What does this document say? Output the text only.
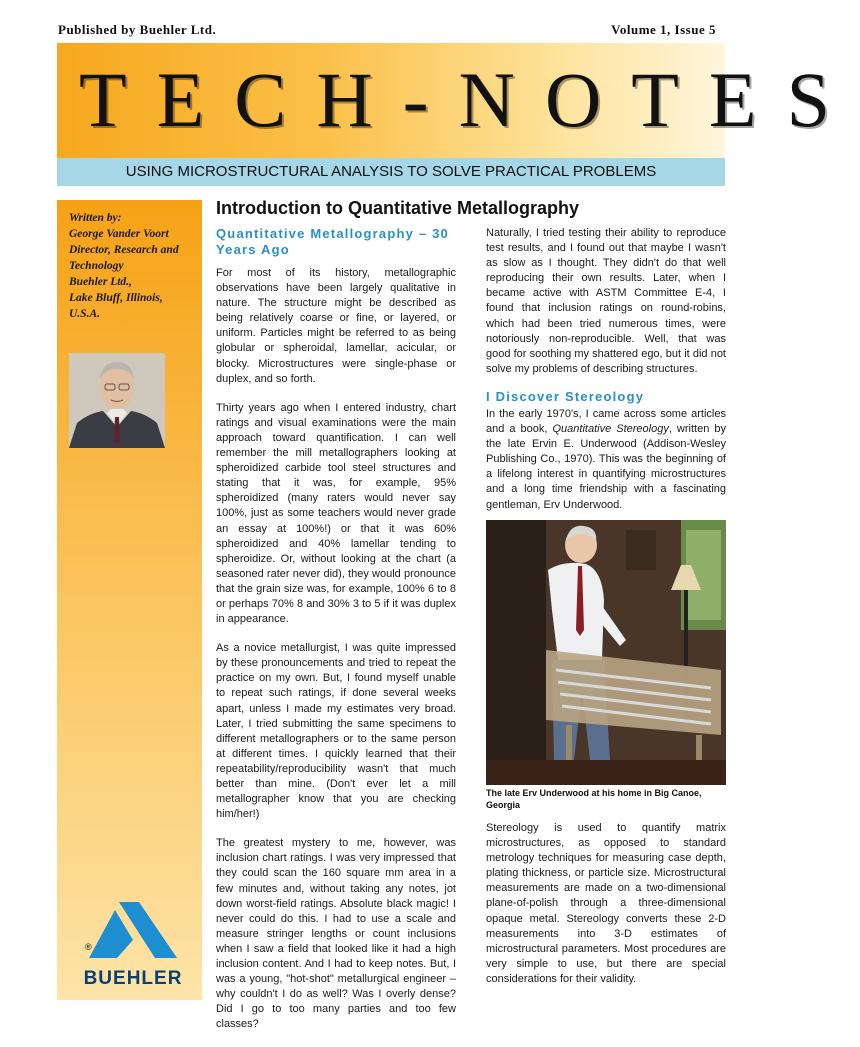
Published by Buehler Ltd.	Volume 1, Issue 5
TECH-NOTES
USING MICROSTRUCTURAL ANALYSIS TO SOLVE PRACTICAL PROBLEMS
Written by:
George Vander Voort
Director, Research and
Technology
Buehler Ltd.,
Lake Bluff, Illinois,
U.S.A.
®
BUEHLER
Introduction to Quantitative Metallography
Quantitative Metallography – 30 Years Ago

For most of its history, metallographic observations have been largely qualitative in nature. The structure might be described as being relatively coarse or fine, or layered, or uniform. Particles might be referred to as being globular or spheroidal, lamellar, acicular, or blocky. Microstructures were single-phase or duplex, and so forth.

Thirty years ago when I entered industry, chart ratings and visual examinations were the main approach toward quantification. I can well remember the mill metallographers looking at spheroidized carbide tool steel structures and stating that it was, for example, 95% spheroidized (many raters would never say 100%, just as some teachers would never grade an essay at 100%!) or that it was 60% spheroidized and 40% lamellar tending to spheroidize. Or, without looking at the chart (a seasoned rater never did), they would pronounce that the grain size was, for example, 100% 6 to 8 or perhaps 70% 8 and 30% 3 to 5 if it was duplex in appearance.

As a novice metallurgist, I was quite impressed by these pronouncements and tried to repeat the practice on my own. But, I found myself unable to repeat such ratings, if done several weeks apart, unless I made my estimates very broad. Later, I tried submitting the same specimens to different metallographers or to the same person at different times. I quickly learned that their repeatability/reproducibility wasn't that much better than mine. (Don't ever let a mill metallographer know that you are checking him/her!)

The greatest mystery to me, however, was inclusion chart ratings. I was very impressed that they could scan the 160 square mm area in a few minutes and, without taking any notes, jot down worst-field ratings. Absolute black magic! I never could do this. I had to use a scale and measure stringer lengths or count inclusions when I saw a field that looked like it had a high inclusion content. And I had to keep notes. But, I was a young, "hot-shot" metallurgical engineer – why couldn't I do as well? Was I overly dense? Did I go to too many parties and too few classes?

Naturally, I tried testing their ability to reproduce test results, and I found out that maybe I wasn't as slow as I thought. They didn't do that well reproducing their own results. Later, when I became active with ASTM Committee E-4, I found that inclusion ratings on round-robins, which had been tried numerous times, were notoriously non-reproducible. Well, that was good for soothing my shattered ego, but it did not solve my problems of describing structures.

I Discover Stereology

In the early 1970's, I came across some articles and a book, Quantitative Stereology, written by the late Ervin E. Underwood (Addison-Wesley Publishing Co., 1970). This was the beginning of a lifelong interest in quantifying microstructures and a long time friendship with a fascinating gentleman, Erv Underwood.

The late Erv Underwood at his home in Big Canoe, Georgia

Stereology is used to quantify matrix microstructures, as opposed to standard metrology techniques for measuring case depth, plating thickness, or particle size. Microstructural measurements are made on a two-dimensional plane-of-polish through a three-dimensional opaque metal. Stereology converts these 2-D measurements into 3-D estimates of microstructural parameters. Most procedures are very simple to use, but there are special considerations for their validity.
